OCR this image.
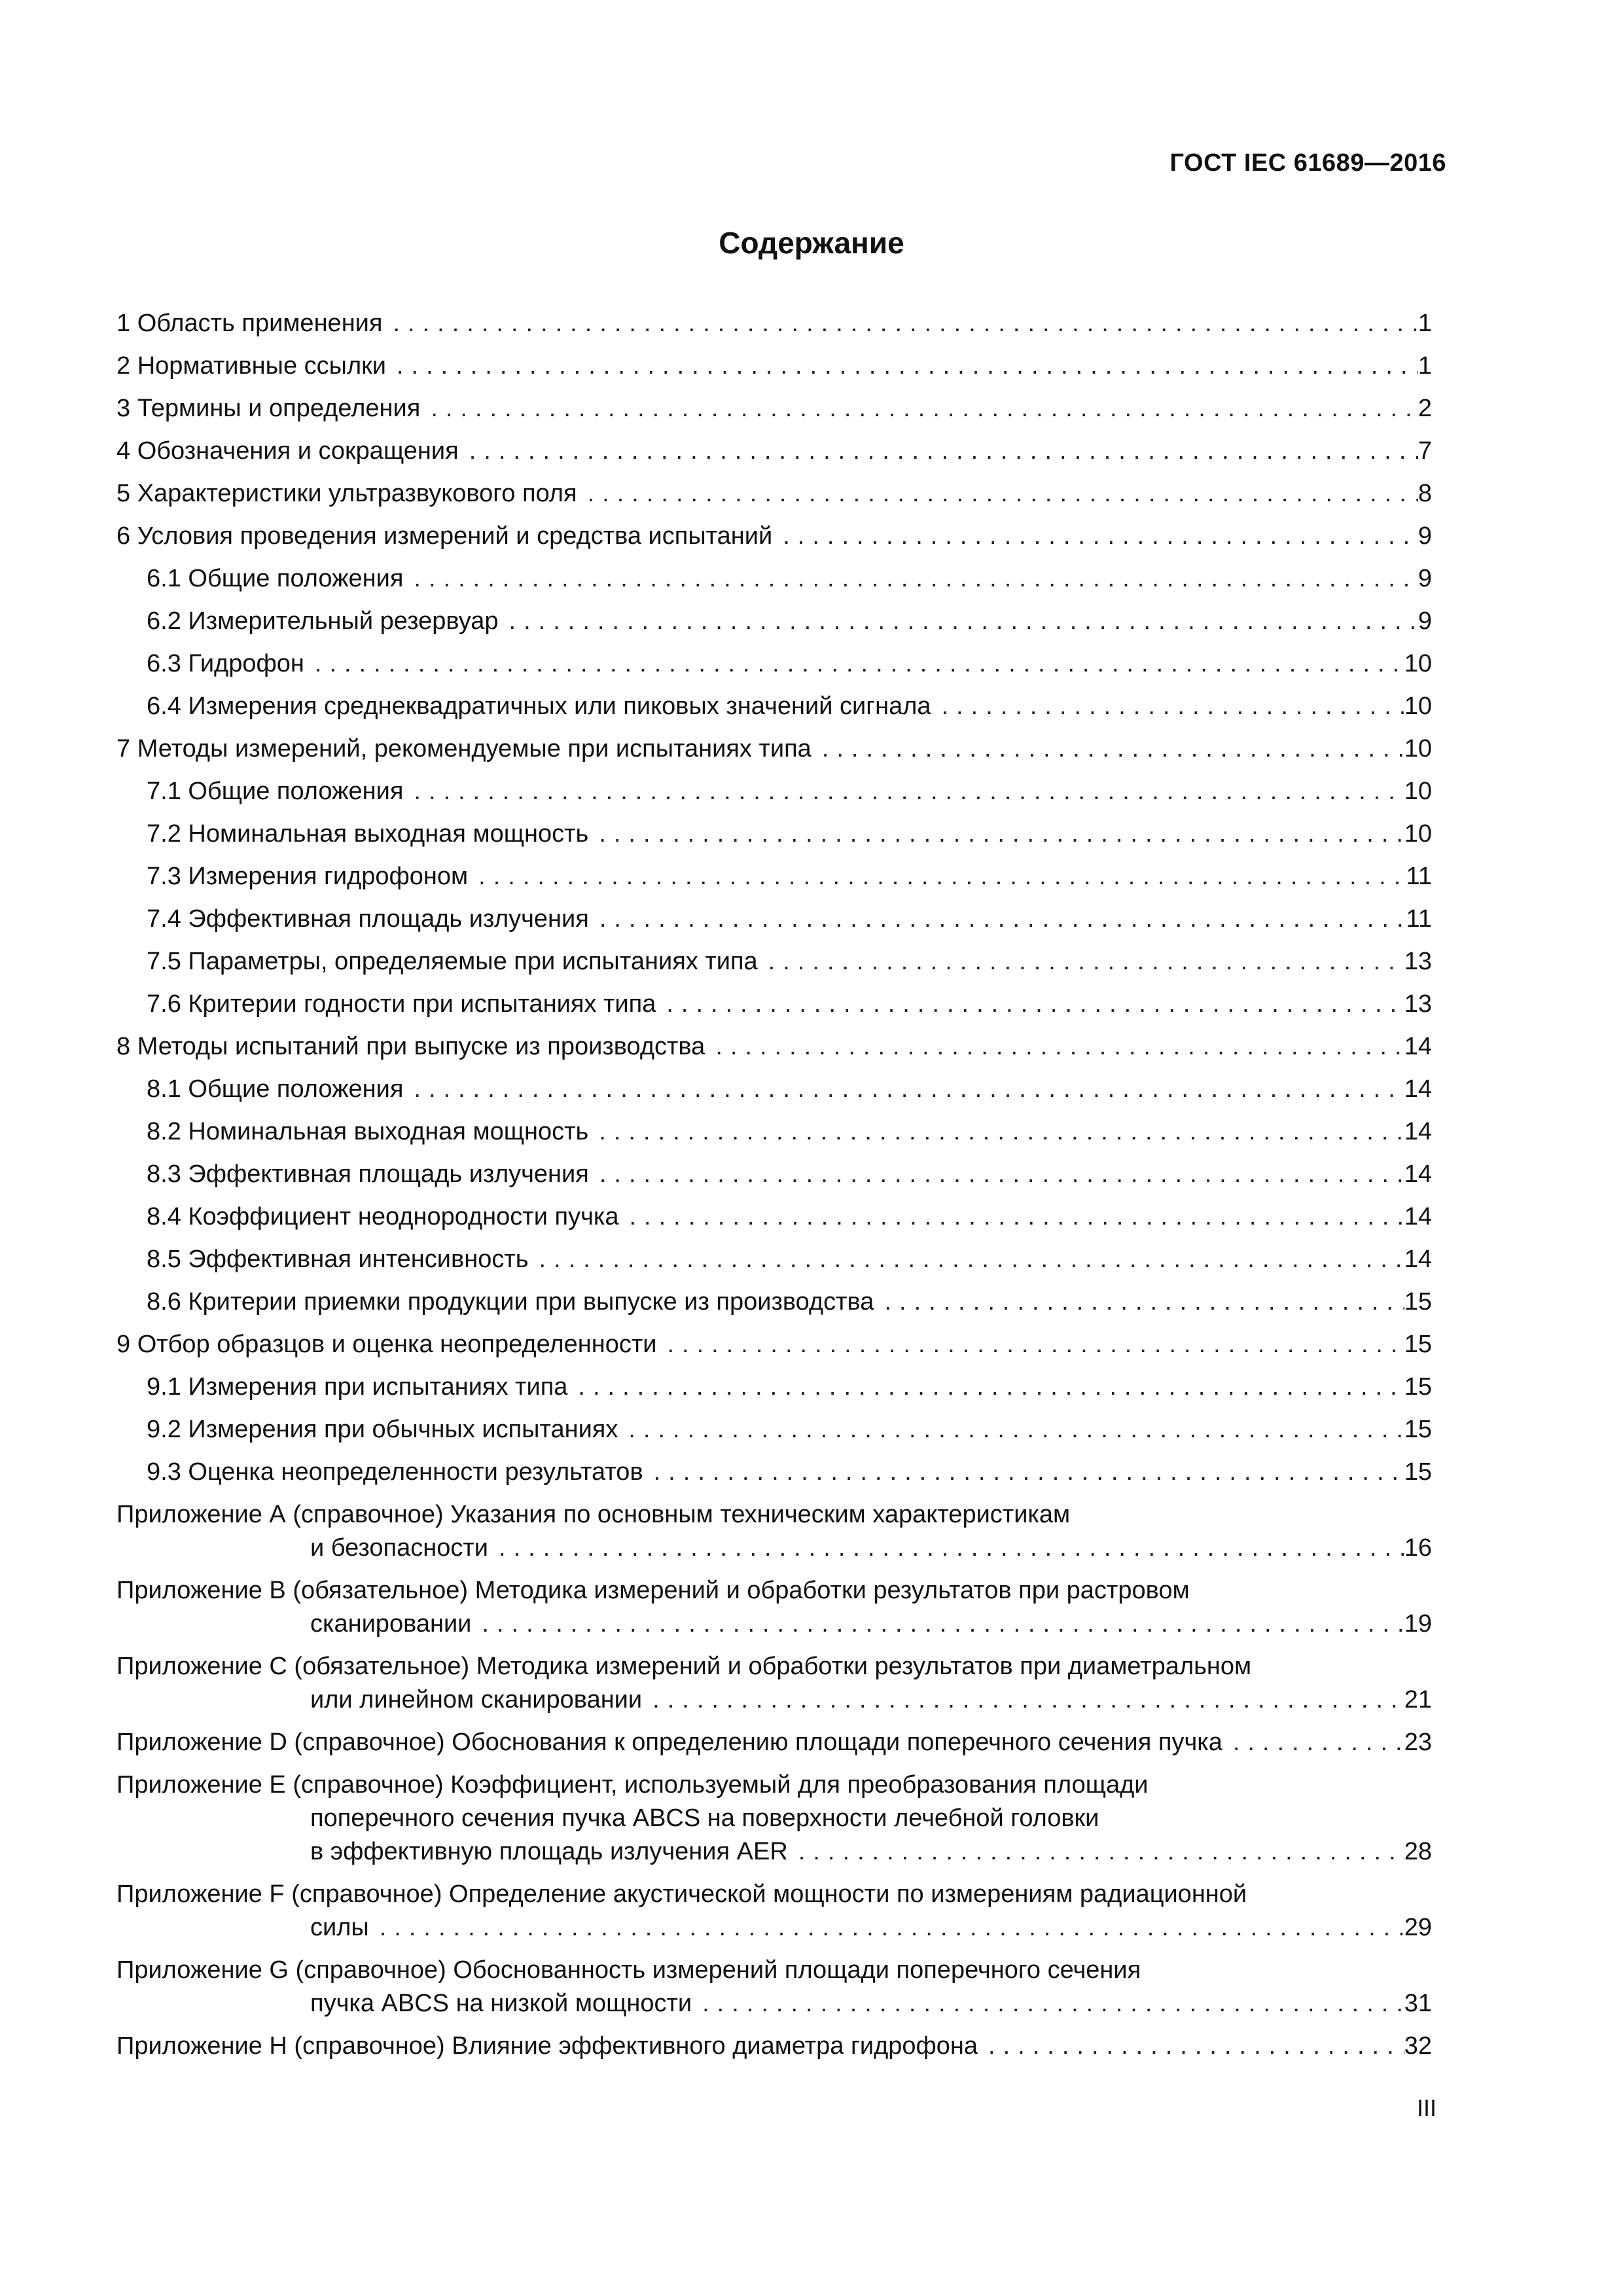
ГОСТ IEC 61689—2016
Содержание
1 Область применения .....	1
2 Нормативные ссылки .....	1
3 Термины и определения .....	2
4 Обозначения и сокращения .....	7
5 Характеристики ультразвукового поля .....	8
6 Условия проведения измерений и средства испытаний .....	9
6.1 Общие положения .....	9
6.2 Измерительный резервуар .....	9
6.3 Гидрофон .....	10
6.4 Измерения среднеквадратичных или пиковых значений сигнала .....	10
7 Методы измерений, рекомендуемые при испытаниях типа .....	10
7.1 Общие положения .....	10
7.2 Номинальная выходная мощность .....	10
7.3 Измерения гидрофоном .....	11
7.4 Эффективная площадь излучения .....	11
7.5 Параметры, определяемые при испытаниях типа .....	13
7.6 Критерии годности при испытаниях типа .....	13
8 Методы испытаний при выпуске из производства .....	14
8.1 Общие положения .....	14
8.2 Номинальная выходная мощность .....	14
8.3 Эффективная площадь излучения .....	14
8.4 Коэффициент неоднородности пучка .....	14
8.5 Эффективная интенсивность .....	14
8.6 Критерии приемки продукции при выпуске из производства .....	15
9 Отбор образцов и оценка неопределенности .....	15
9.1 Измерения при испытаниях типа .....	15
9.2 Измерения при обычных испытаниях .....	15
9.3 Оценка неопределенности результатов .....	15
Приложение А (справочное) Указания по основным техническим характеристикам
и безопасности .....	16
Приложение В (обязательное) Методика измерений и обработки результатов при растровом
сканировании .....	19
Приложение С (обязательное) Методика измерений и обработки результатов при диаметральном
или линейном сканировании .....	21
Приложение D (справочное) Обоснования к определению площади поперечного сечения пучка .....	23
Приложение Е (справочное) Коэффициент, используемый для преобразования площади
поперечного сечения пучка ABCS на поверхности лечебной головки
в эффективную площадь излучения AER .....	28
Приложение F (справочное) Определение акустической мощности по измерениям радиационной
силы .....	29
Приложение G (справочное) Обоснованность измерений площади поперечного сечения
пучка ABCS на низкой мощности .....	31
Приложение Н (справочное) Влияние эффективного диаметра гидрофона .....	32
III
